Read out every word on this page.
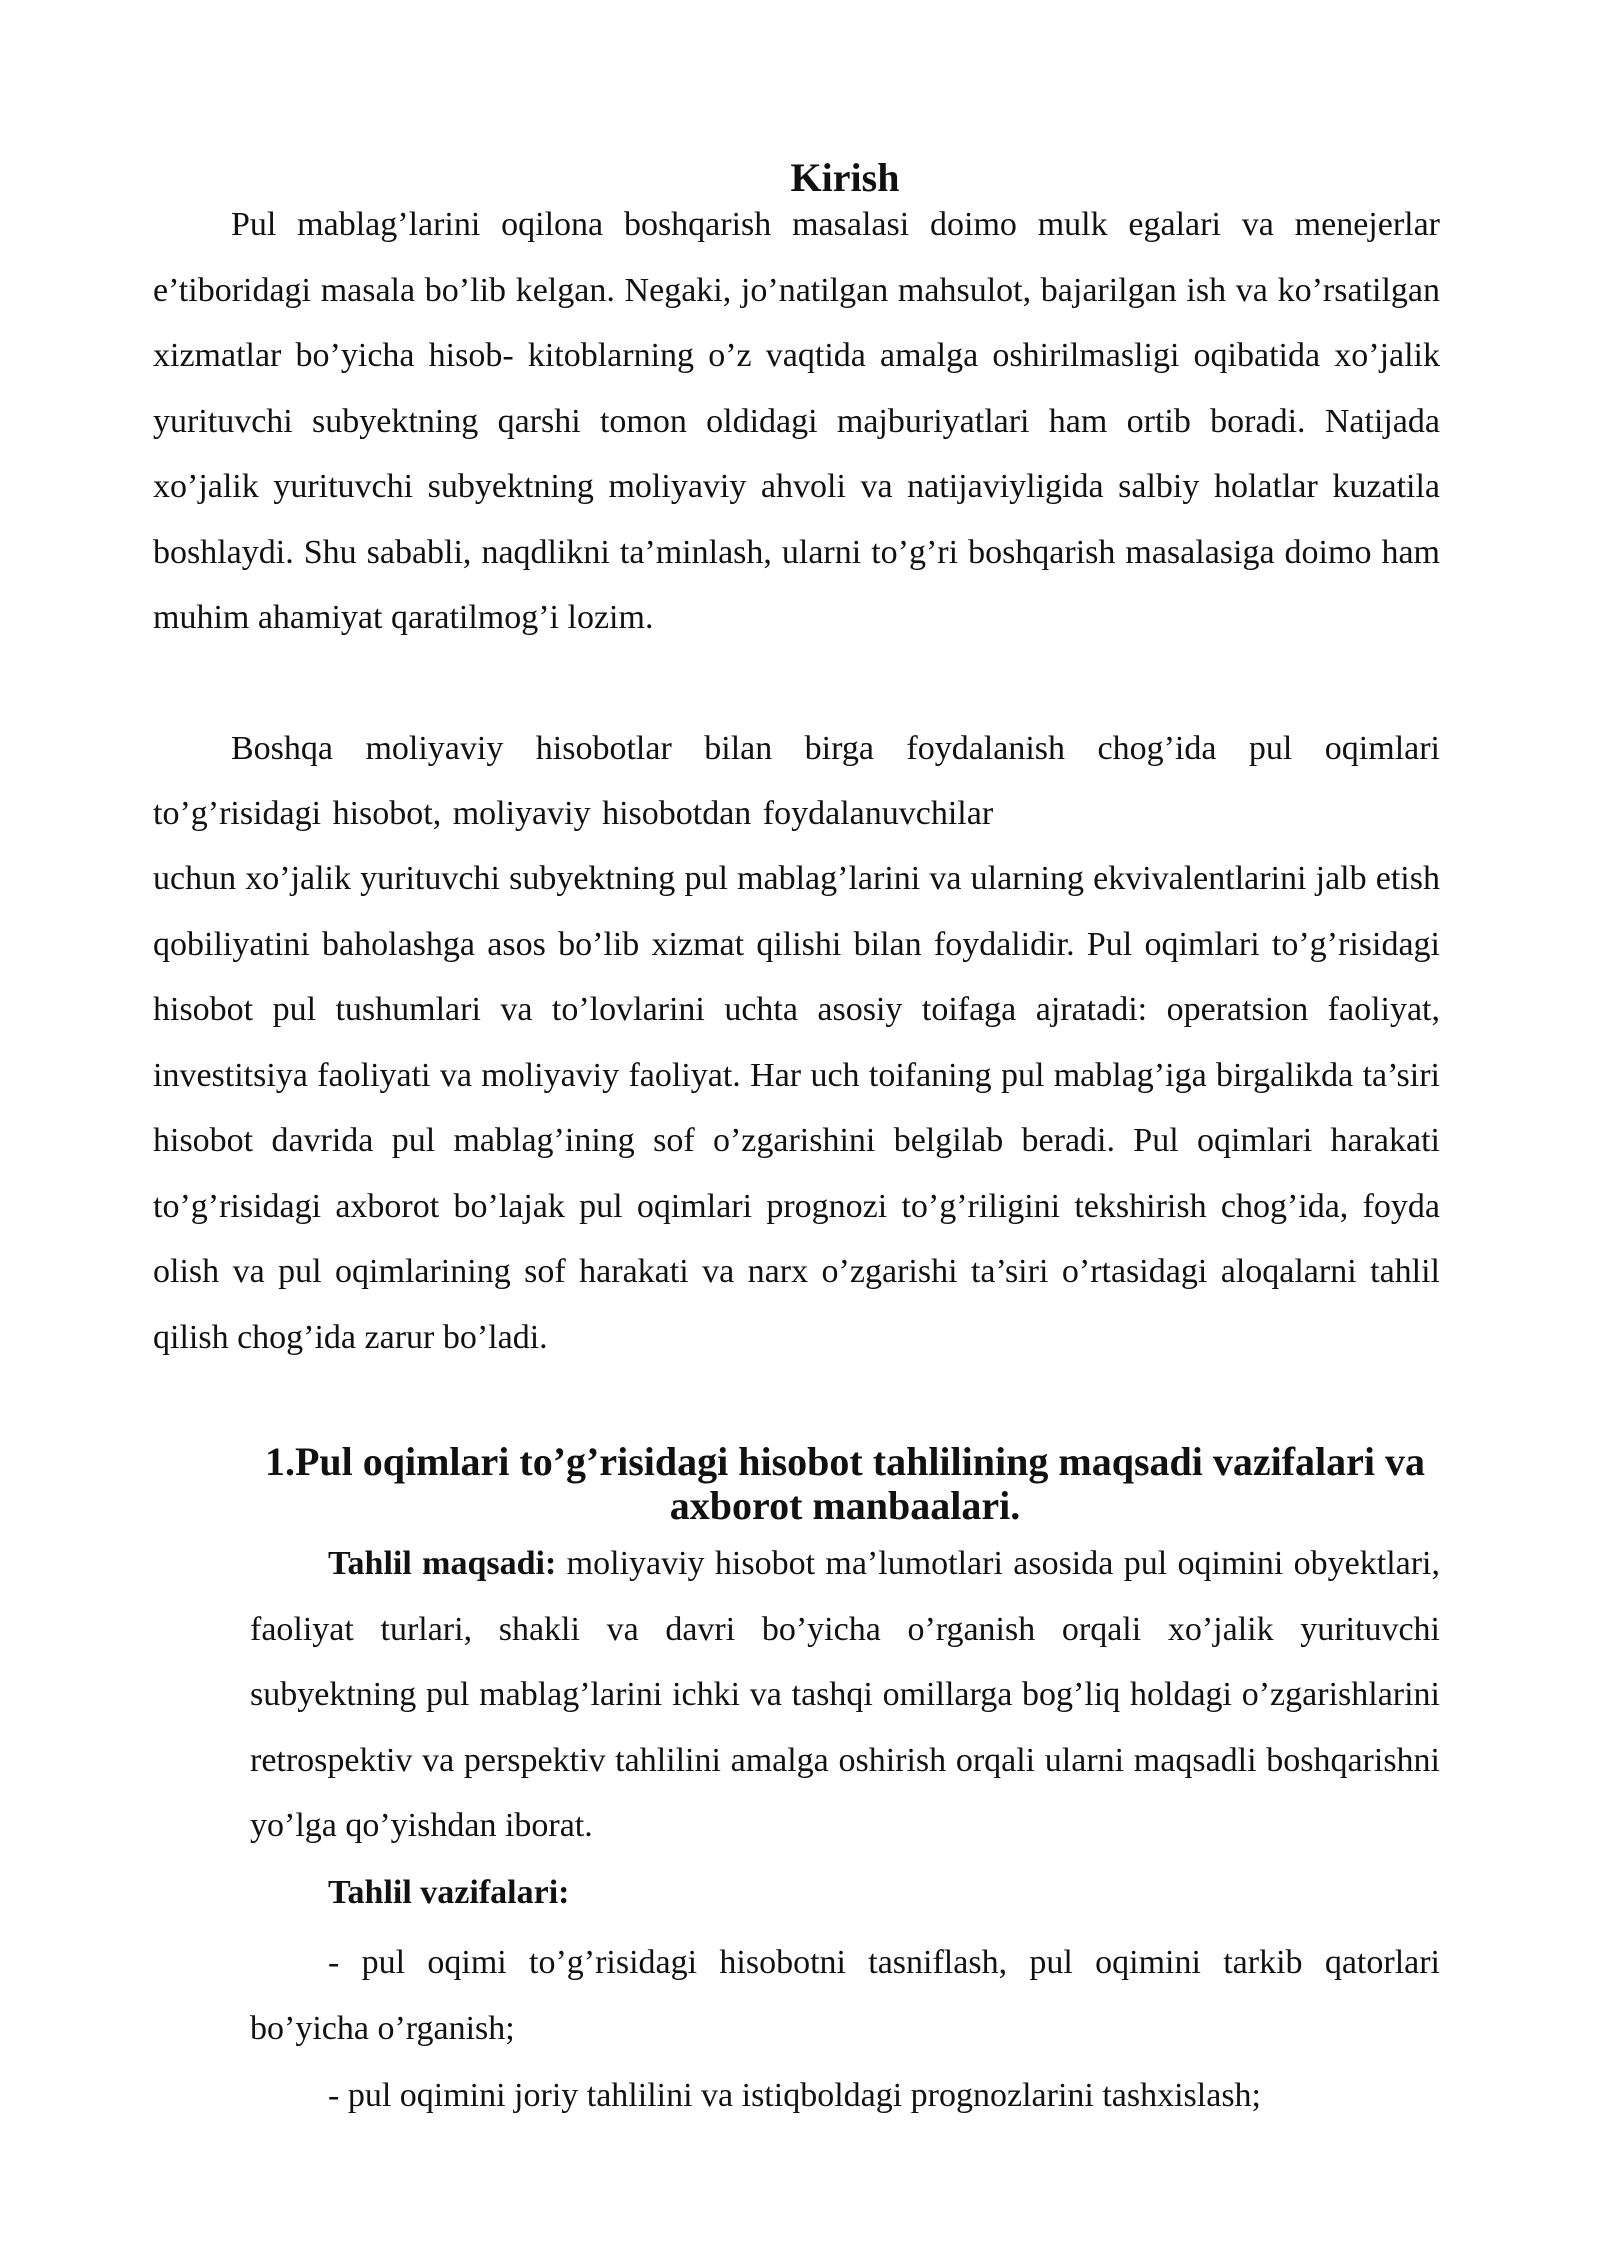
Kirish

Pul mablag’larini oqilona boshqarish masalasi doimo mulk egalari va menejerlar e’tiboridagi masala bo’lib kelgan. Negaki, jo’natilgan mahsulot, bajarilgan ish va ko’rsatilgan xizmatlar bo’yicha hisob- kitoblarning o’z vaqtida amalga oshirilmasligi oqibatida xo’jalik yurituvchi subyektning qarshi tomon oldidagi majburiyatlari ham ortib boradi. Natijada xo’jalik yurituvchi subyektning moliyaviy ahvoli va natijaviyligida salbiy holatlar kuzatila boshlaydi. Shu sababli, naqdlikni ta’minlash, ularni to’g’ri boshqarish masalasiga doimo ham muhim ahamiyat qaratilmog’i lozim.

Boshqa moliyaviy hisobotlar bilan birga foydalanish chog’ida pul oqimlari

to’g’risidagi hisobot, moliyaviy hisobotdan foydalanuvchilar

uchun xo’jalik yurituvchi subyektning pul mablag’larini va ularning ekvivalentlarini jalb etish qobiliyatini baholashga asos bo’lib xizmat qilishi bilan foydalidir. Pul oqimlari to’g’risidagi hisobot pul tushumlari va to’lovlarini uchta asosiy toifaga ajratadi: operatsion faoliyat, investitsiya faoliyati va moliyaviy faoliyat. Har uch toifaning pul mablag’iga birgalikda ta’siri hisobot davrida pul mablag’ining sof o’zgarishini belgilab beradi. Pul oqimlari harakati to’g’risidagi axborot bo’lajak pul oqimlari prognozi to’g’riligini tekshirish chog’ida, foyda olish va pul oqimlarining sof harakati va narx o’zgarishi ta’siri o’rtasidagi aloqalarni tahlil qilish chog’ida zarur bo’ladi.

1.Pul oqimlari to’g’risidagi hisobot tahlilining maqsadi vazifalari va axborot manbaalari.

Tahlil maqsadi: moliyaviy hisobot ma’lumotlari asosida pul oqimini obyektlari, faoliyat turlari, shakli va davri bo’yicha o’rganish orqali xo’jalik yurituvchi subyektning pul mablag’larini ichki va tashqi omillarga bog’liq holdagi o’zgarishlarini retrospektiv va perspektiv tahlilini amalga oshirish orqali ularni maqsadli boshqarishni yo’lga qo’yishdan iborat.

Tahlil vazifalari:

- pul oqimi to’g’risidagi hisobotni tasniflash, pul oqimini tarkib qatorlari bo’yicha o’rganish;

- pul oqimini joriy tahlilini va istiqboldagi prognozlarini tashxislash;
